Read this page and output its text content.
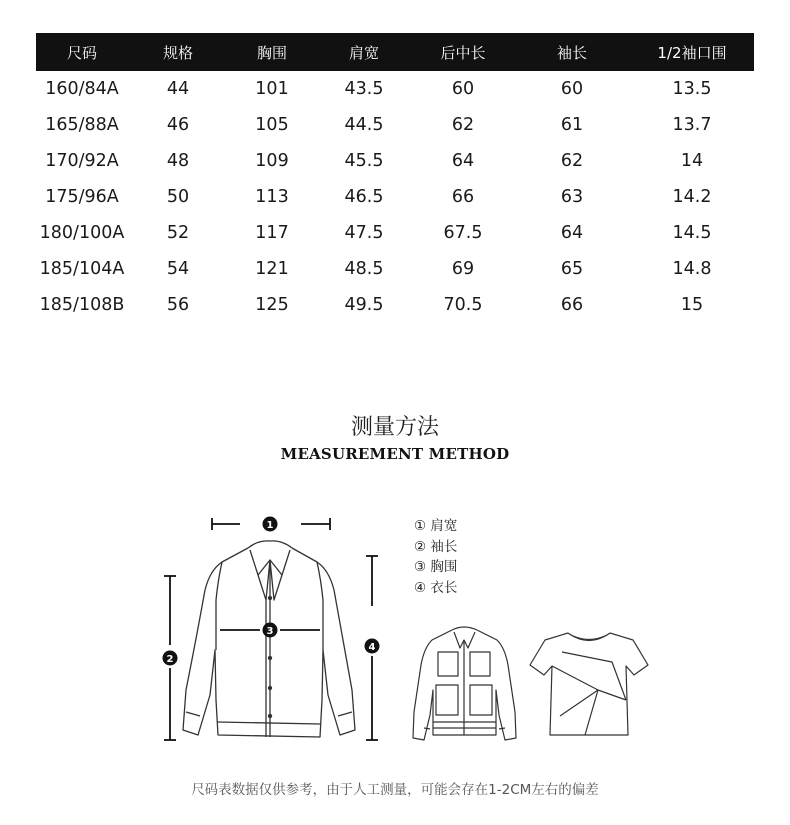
尺码	规格	胸围	肩宽	后中长	袖长	1/2袖口围
160/84A	44	101	43.5	60	60	13.5
165/88A	46	105	44.5	62	61	13.7
170/92A	48	109	45.5	64	62	14
175/96A	50	113	46.5	66	63	14.2
180/100A	52	117	47.5	67.5	64	14.5
185/104A	54	121	48.5	69	65	14.8
185/108B	56	125	49.5	70.5	66	15
测量方法
MEASUREMENT METHOD
1
2
3
4
① 肩宽
② 袖长
③ 胸围
④ 衣长
尺码表数据仅供参考，由于人工测量，可能会存在1-2CM左右的偏差
